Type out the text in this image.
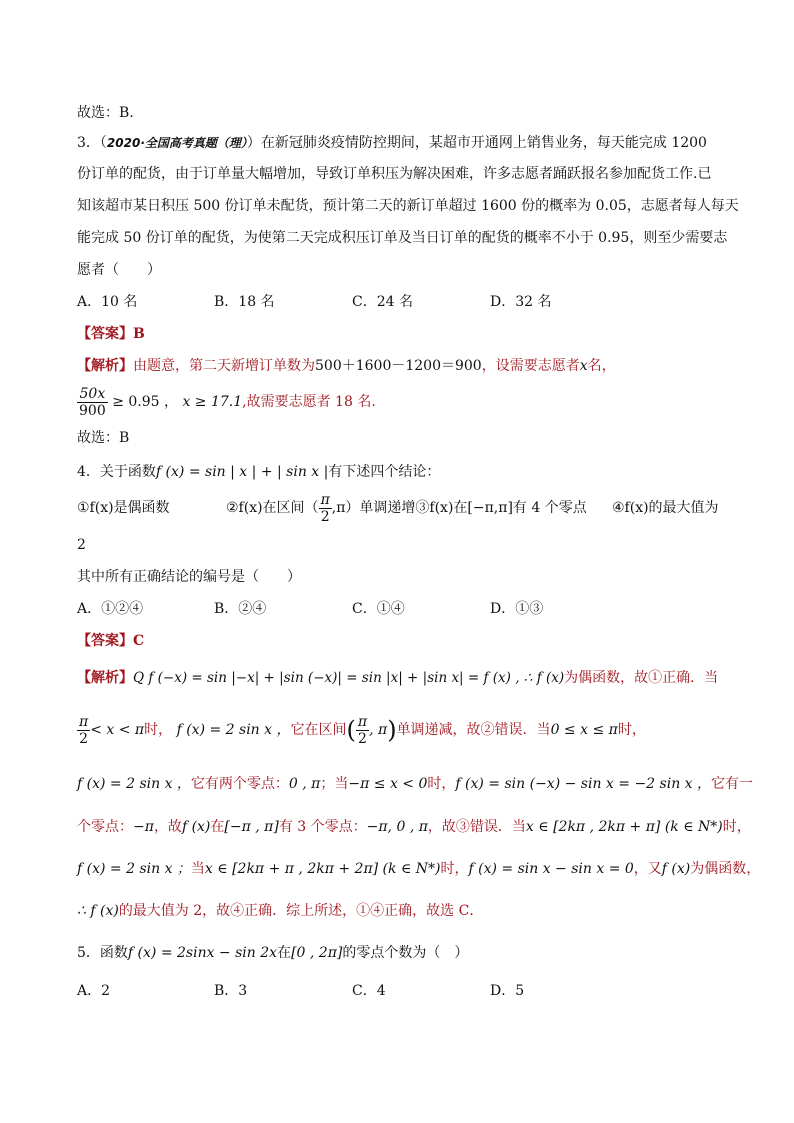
故选：B.
3．（2020·全国高考真题（理））在新冠肺炎疫情防控期间，某超市开通网上销售业务，每天能完成 1200
份订单的配货，由于订单量大幅增加，导致订单积压为解决困难，许多志愿者踊跃报名参加配货工作.已
知该超市某日积压 500 份订单未配货，预计第二天的新订单超过 1600 份的概率为 0.05，志愿者每人每天
能完成 50 份订单的配货，为使第二天完成积压订单及当日订单的配货的概率不小于 0.95，则至少需要志
愿者（　　）
A．10 名	B．18 名	C．24 名	D．32 名
【答案】B
【解析】由题意，第二天新增订单数为500＋1600－1200＝900，设需要志愿者x名，
$\frac{50x}{900} \ge 0.95$ ， x ≥ 17.1,故需要志愿者 18 名.
故选：B
4．关于函数f (x) = sin | x | + | sin x |有下述四个结论：
①f(x)是偶函数	②f(x)在区间（ $\frac{\pi}{2} ,\pi$）单调递增③f(x)在[−π,π]有 4 个零点 ④f(x)的最大值为
2
其中所有正确结论的编号是（　　）
A．①②④	B．②④	C．①④	D．①③
【答案】C
【解析】Q f (−x) = sin |−x| + |sin (−x)| = sin |x| + |sin x| = f (x) , ∴ f (x)为偶函数，故①正确．当
$\frac{\pi}{2} < x < \pi$时， f (x) = 2 sin x ，它在区间( $\frac{\pi}{2}$ , π)单调递减，故②错误．当0 ≤ x ≤ π时，
f (x) = 2 sin x ，它有两个零点：0 , π；当−π ≤ x < 0时，f (x) = sin (−x) − sin x = −2 sin x ，它有一
个零点：−π，故f (x)在[−π , π]有 3 个零点：−π, 0 , π，故③错误．当x ∈ [2kπ , 2kπ + π] (k ∈ N*)时，
f (x) = 2 sin x ；当x ∈ [2kπ + π , 2kπ + 2π] (k ∈ N*)时，f (x) = sin x − sin x = 0，又f (x)为偶函数，
∴ f (x)的最大值为 2，故④正确．综上所述，①④正确，故选 C．
5．函数f (x) = 2sinx − sin 2x在[0 , 2π]的零点个数为（　）
A．2	B．3	C．4	D．5
